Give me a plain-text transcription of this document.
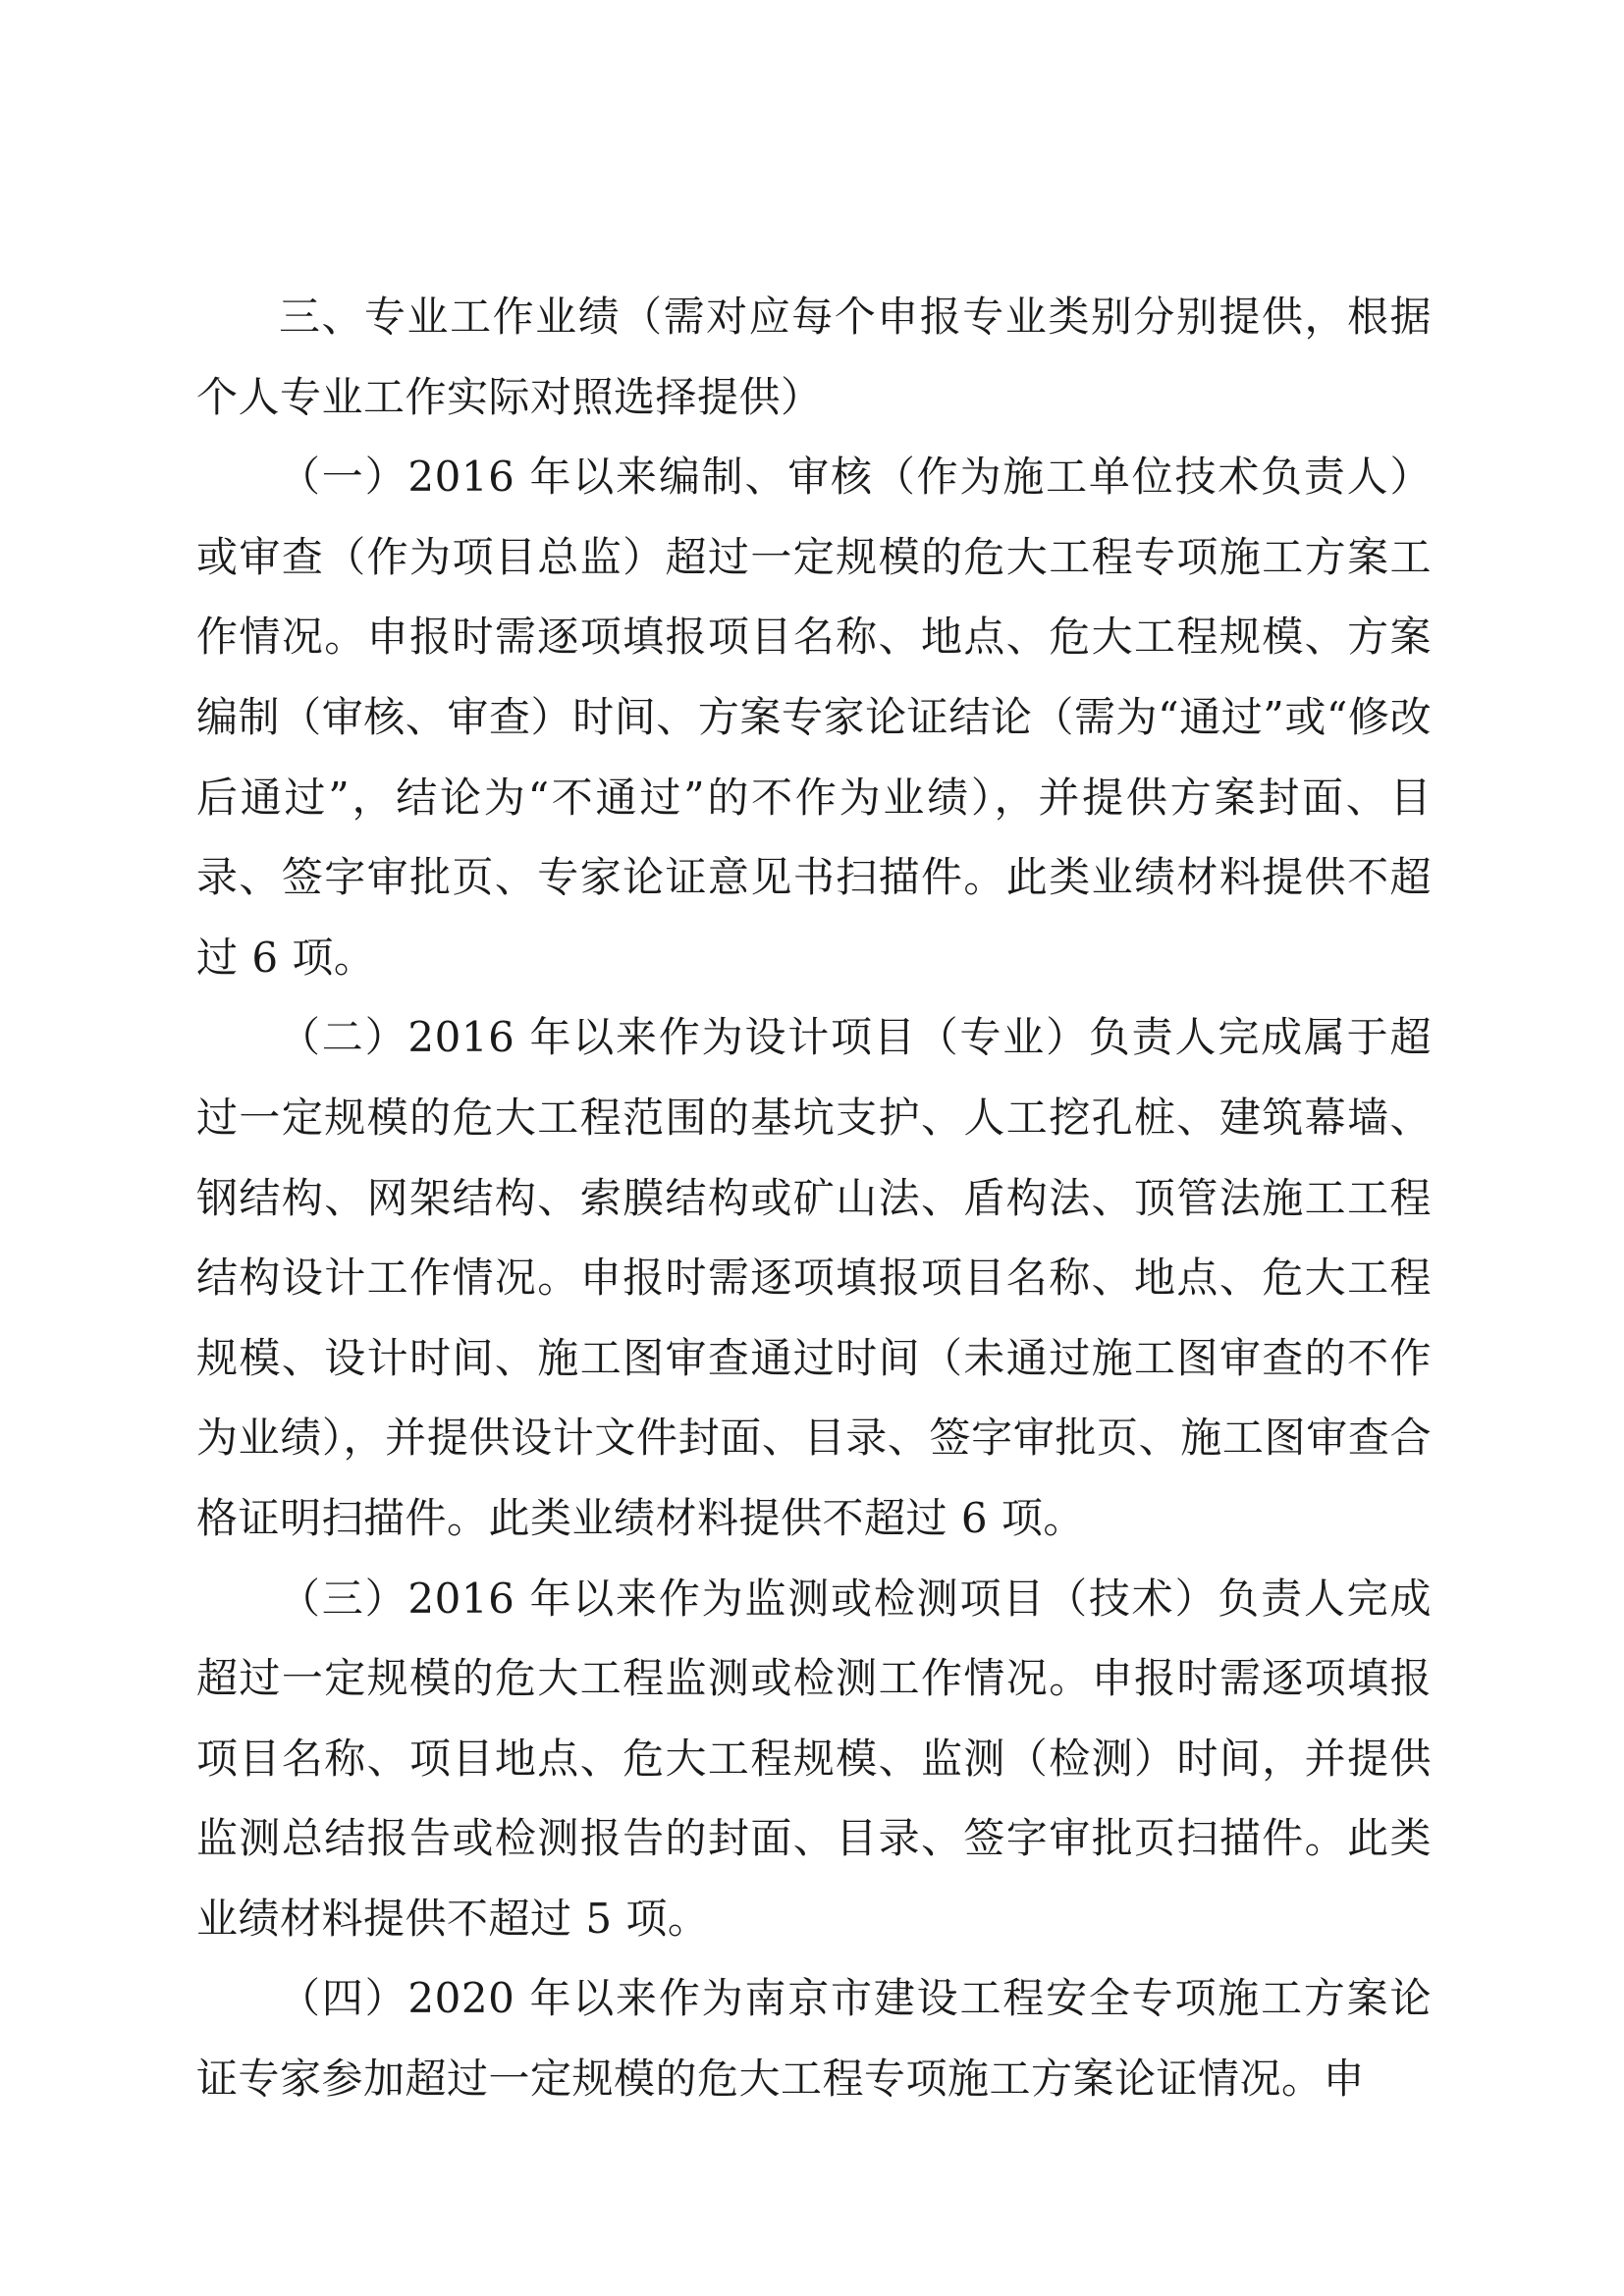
三、专业工作业绩（需对应每个申报专业类别分别提供，根据个人专业工作实际对照选择提供）

（一）2016 年以来编制、审核（作为施工单位技术负责人）或审查（作为项目总监）超过一定规模的危大工程专项施工方案工作情况。申报时需逐项填报项目名称、地点、危大工程规模、方案编制（审核、审查）时间、方案专家论证结论（需为“通过”或“修改后通过”，结论为“不通过”的不作为业绩），并提供方案封面、目录、签字审批页、专家论证意见书扫描件。此类业绩材料提供不超过 6 项。

（二）2016 年以来作为设计项目（专业）负责人完成属于超过一定规模的危大工程范围的基坑支护、人工挖孔桩、建筑幕墙、钢结构、网架结构、索膜结构或矿山法、盾构法、顶管法施工工程结构设计工作情况。申报时需逐项填报项目名称、地点、危大工程规模、设计时间、施工图审查通过时间（未通过施工图审查的不作为业绩），并提供设计文件封面、目录、签字审批页、施工图审查合格证明扫描件。此类业绩材料提供不超过 6 项。

（三）2016 年以来作为监测或检测项目（技术）负责人完成超过一定规模的危大工程监测或检测工作情况。申报时需逐项填报项目名称、项目地点、危大工程规模、监测（检测）时间，并提供监测总结报告或检测报告的封面、目录、签字审批页扫描件。此类业绩材料提供不超过 5 项。

（四）2020 年以来作为南京市建设工程安全专项施工方案论证专家参加超过一定规模的危大工程专项施工方案论证情况。申
